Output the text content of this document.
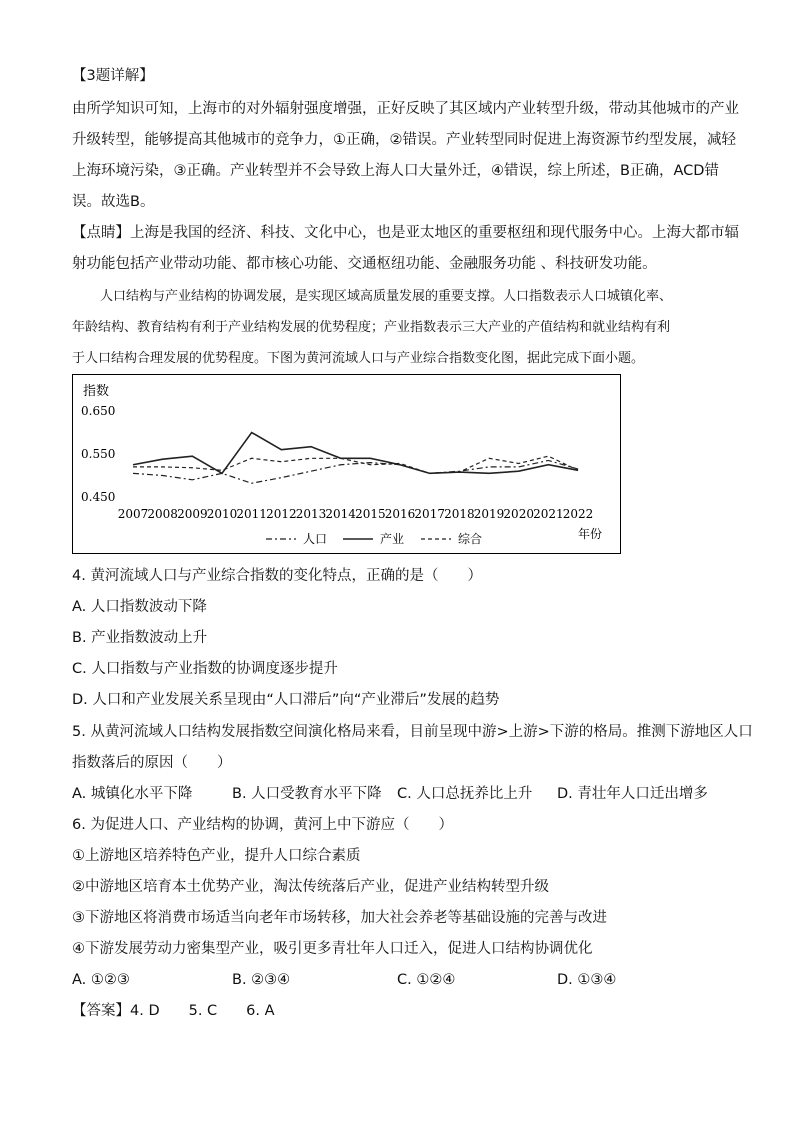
【3题详解】
由所学知识可知，上海市的对外辐射强度增强，正好反映了其区域内产业转型升级，带动其他城市的产业
升级转型，能够提高其他城市的竞争力，①正确，②错误。产业转型同时促进上海资源节约型发展，减轻
上海环境污染，③正确。产业转型并不会导致上海人口大量外迁，④错误，综上所述，B正确，ACD错
误。故选B。
【点睛】上海是我国的经济、科技、文化中心，也是亚太地区的重要枢纽和现代服务中心。上海大都市辐
射功能包括产业带动功能、都市核心功能、交通枢纽功能、金融服务功能 、科技研发功能。
人口结构与产业结构的协调发展，是实现区域高质量发展的重要支撑。人口指数表示人口城镇化率、
年龄结构、教育结构有利于产业结构发展的优势程度；产业指数表示三大产业的产值结构和就业结构有利
于人口结构合理发展的优势程度。下图为黄河流域人口与产业综合指数变化图，据此完成下面小题。
指数
0.650
0.550
0.450
2007 2008 2009 2010 2011 2012 2013 2014 2015 2016 2017 2018 2019 2020 2021 2022
人口	产业	综合	年份
4. 黄河流域人口与产业综合指数的变化特点，正确的是（　　）
A. 人口指数波动下降
B. 产业指数波动上升
C. 人口指数与产业指数的协调度逐步提升
D. 人口和产业发展关系呈现由“人口滞后”向“产业滞后”发展的趋势
5. 从黄河流域人口结构发展指数空间演化格局来看，目前呈现中游>上游>下游的格局。推测下游地区人口
指数落后的原因（　　）
A. 城镇化水平下降	B. 人口受教育水平下降 C. 人口总抚养比上升 D. 青壮年人口迁出增多
6. 为促进人口、产业结构的协调，黄河上中下游应（　　）
①上游地区培养特色产业，提升人口综合素质
②中游地区培育本土优势产业，淘汰传统落后产业，促进产业结构转型升级
③下游地区将消费市场适当向老年市场转移，加大社会养老等基础设施的完善与改进
④下游发展劳动力密集型产业，吸引更多青壮年人口迁入，促进人口结构协调优化
A. ①②③	B. ②③④	C. ①②④	D. ①③④
【答案】4. D　　5. C　　6. A
